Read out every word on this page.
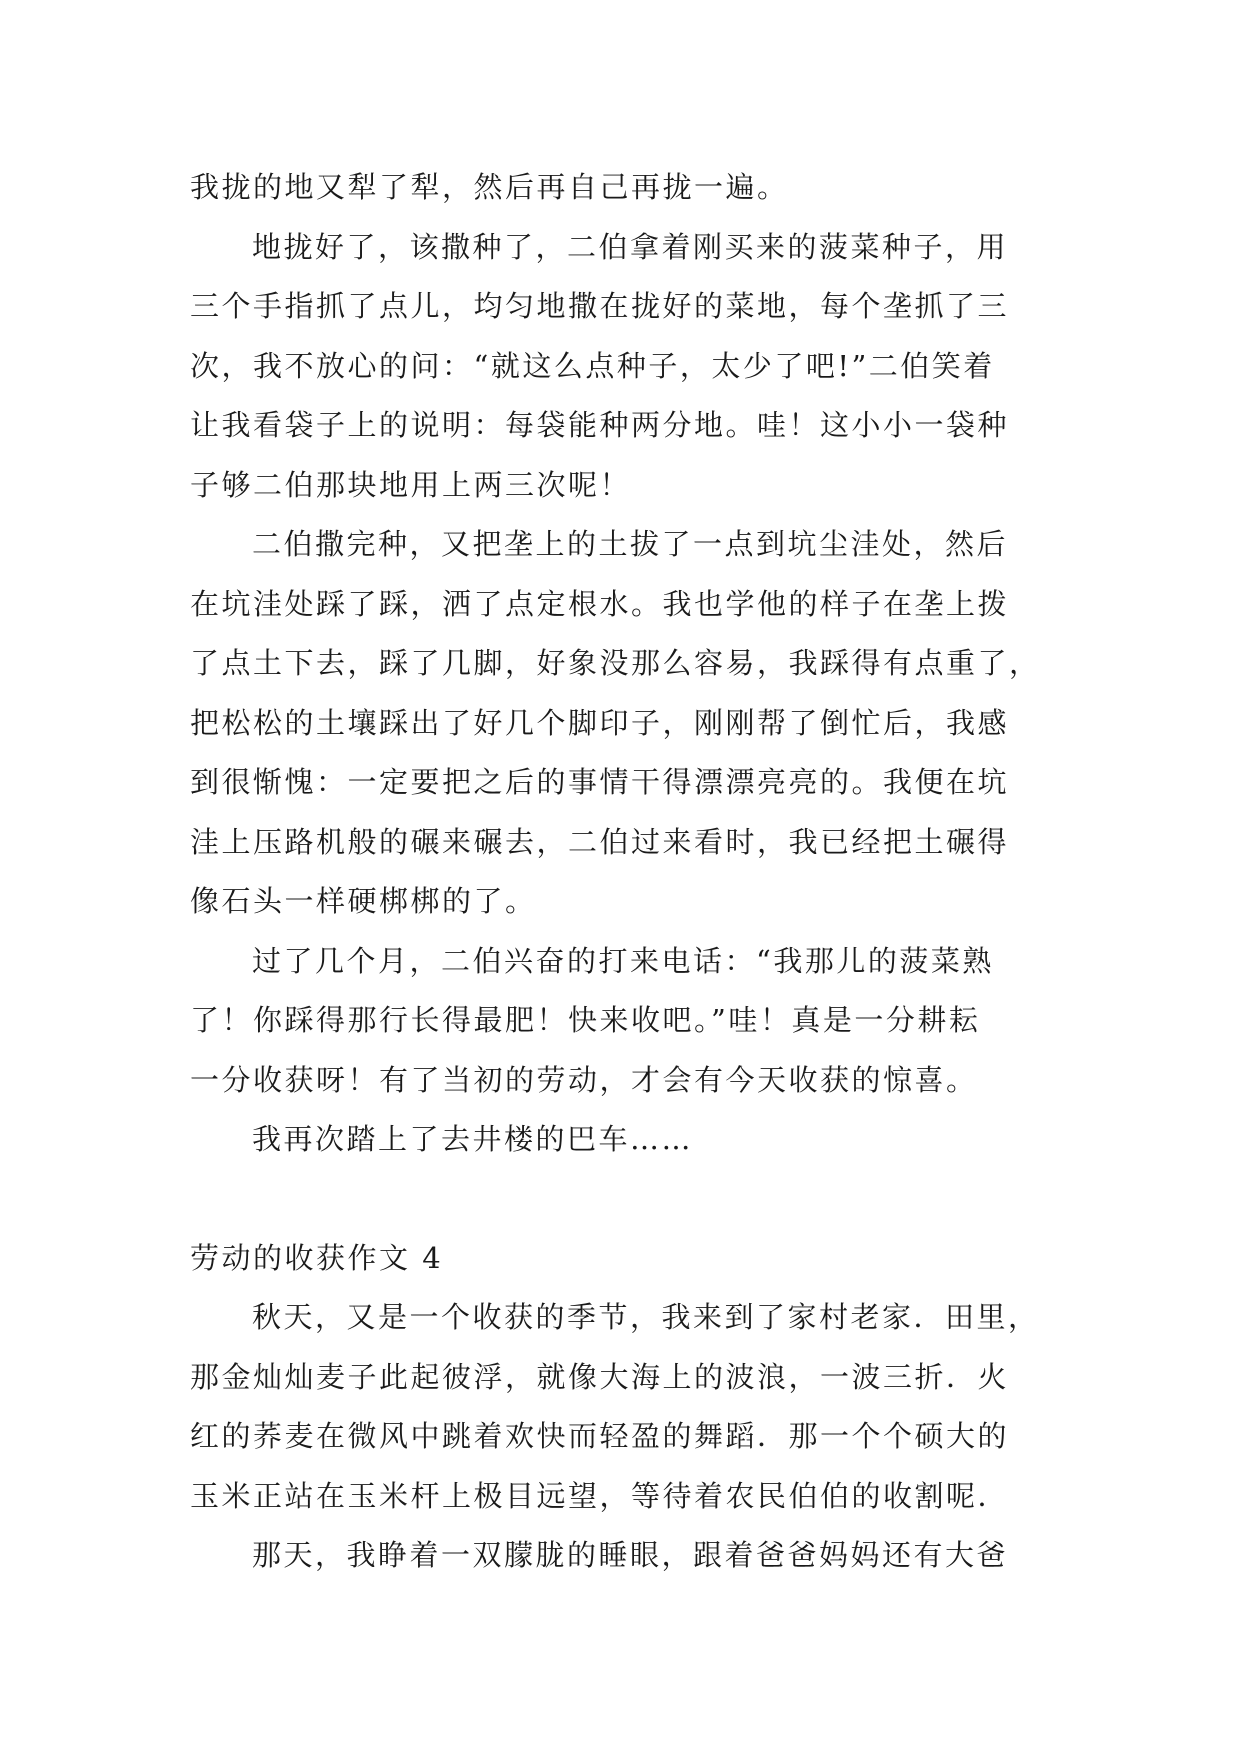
我拢的地又犁了犁，然后再自己再拢一遍。

地拢好了，该撒种了，二伯拿着刚买来的菠菜种子，用

三个手指抓了点儿，均匀地撒在拢好的菜地，每个垄抓了三

次，我不放心的问：“就这么点种子，太少了吧!”二伯笑着

让我看袋子上的说明：每袋能种两分地。哇！这小小一袋种

子够二伯那块地用上两三次呢！

二伯撒完种，又把垄上的土拔了一点到坑尘洼处，然后

在坑洼处踩了踩，洒了点定根水。我也学他的样子在垄上拨

了点土下去，踩了几脚，好象没那么容易，我踩得有点重了，

把松松的土壤踩出了好几个脚印子，刚刚帮了倒忙后，我感

到很惭愧：一定要把之后的事情干得漂漂亮亮的。我便在坑

洼上压路机般的碾来碾去，二伯过来看时，我已经把土碾得

像石头一样硬梆梆的了。

过了几个月，二伯兴奋的打来电话：“我那儿的菠菜熟

了！你踩得那行长得最肥！快来收吧。”哇！真是一分耕耘

一分收获呀！有了当初的劳动，才会有今天收获的惊喜。

我再次踏上了去井楼的巴车……

劳动的收获作文 4

秋天，又是一个收获的季节，我来到了家村老家．田里，

那金灿灿麦子此起彼浮，就像大海上的波浪，一波三折．火

红的荞麦在微风中跳着欢快而轻盈的舞蹈．那一个个硕大的

玉米正站在玉米杆上极目远望，等待着农民伯伯的收割呢．

那天，我睁着一双朦胧的睡眼，跟着爸爸妈妈还有大爸
